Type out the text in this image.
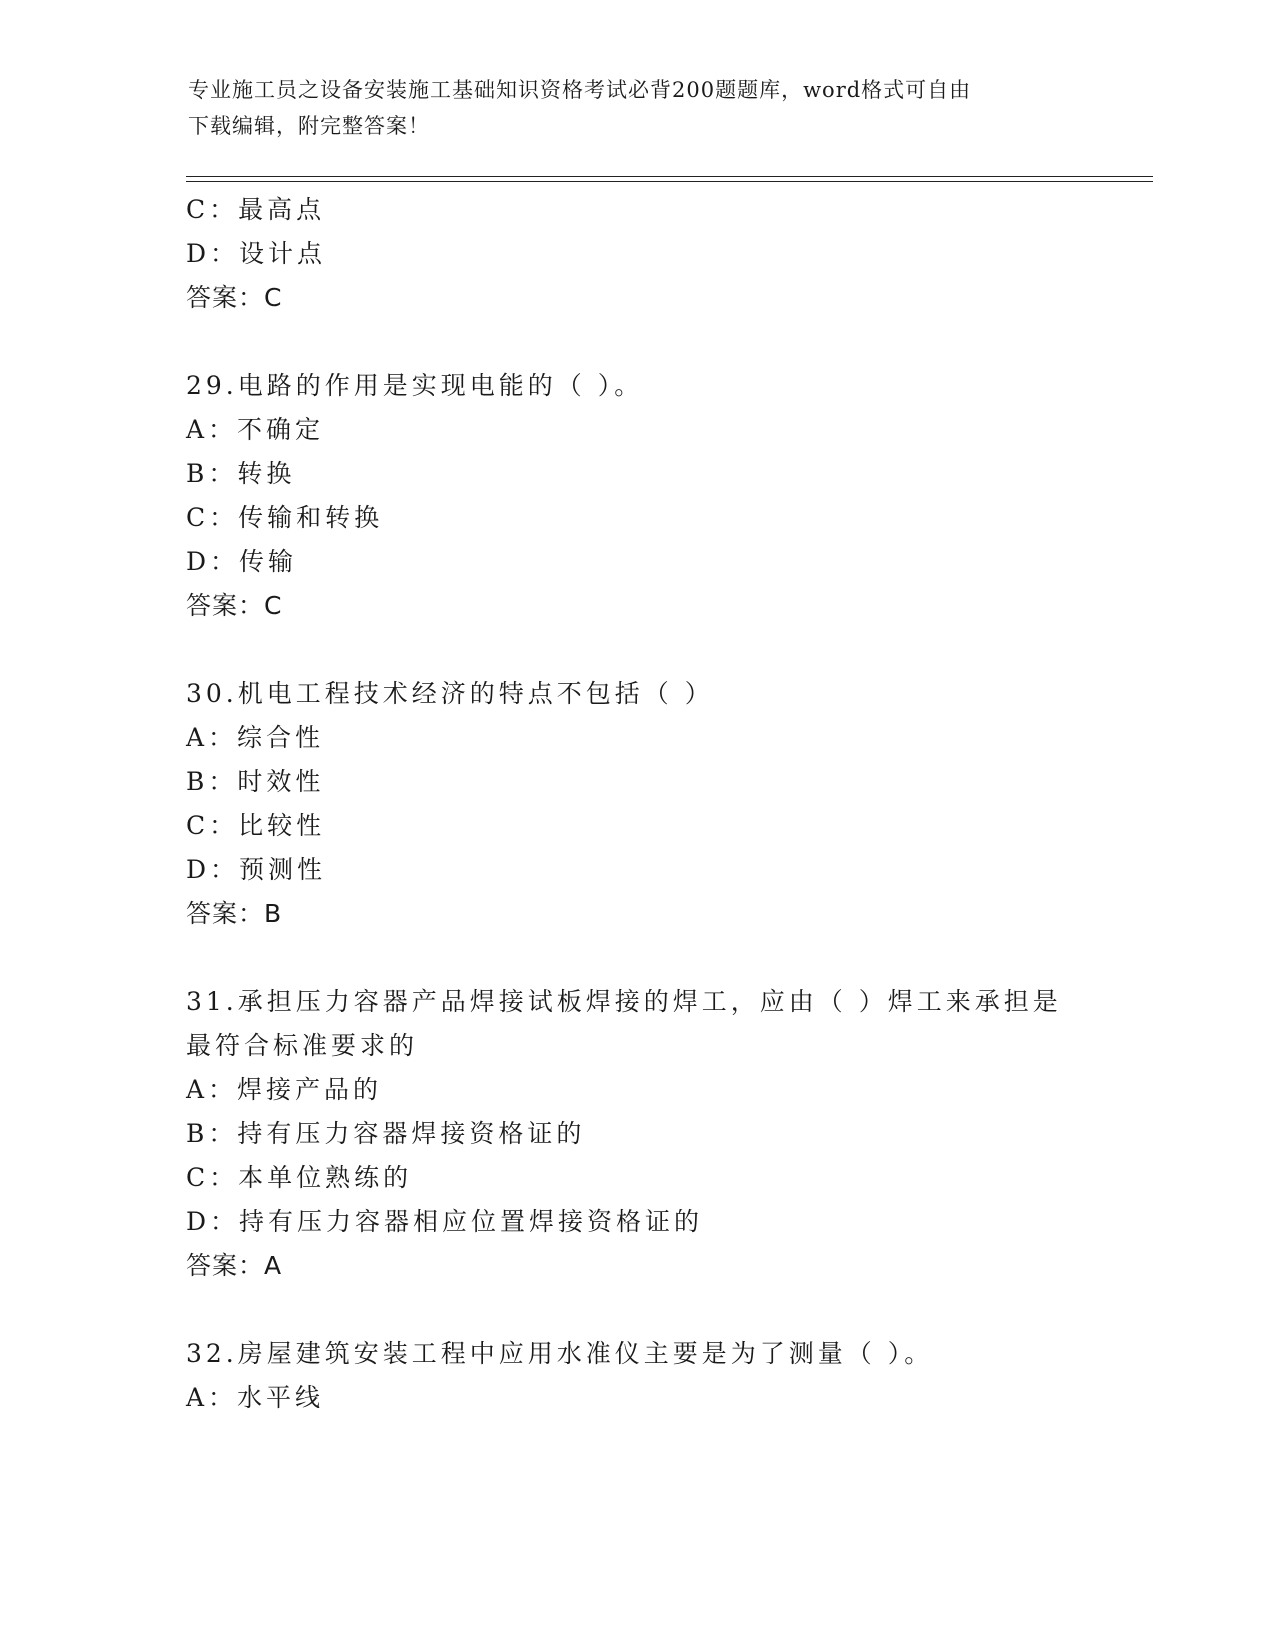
专业施工员之设备安装施工基础知识资格考试必背200题题库，word格式可自由
下载编辑，附完整答案！
C：最高点
D：设计点
答案：C
29.电路的作用是实现电能的（ ）。
A：不确定
B：转换
C：传输和转换
D：传输
答案：C
30.机电工程技术经济的特点不包括（ ）
A：综合性
B：时效性
C：比较性
D：预测性
答案：B
31.承担压力容器产品焊接试板焊接的焊工，应由（ ）焊工来承担是
最符合标准要求的
A：焊接产品的
B：持有压力容器焊接资格证的
C：本单位熟练的
D：持有压力容器相应位置焊接资格证的
答案：A
32.房屋建筑安装工程中应用水准仪主要是为了测量（ ）。
A：水平线
